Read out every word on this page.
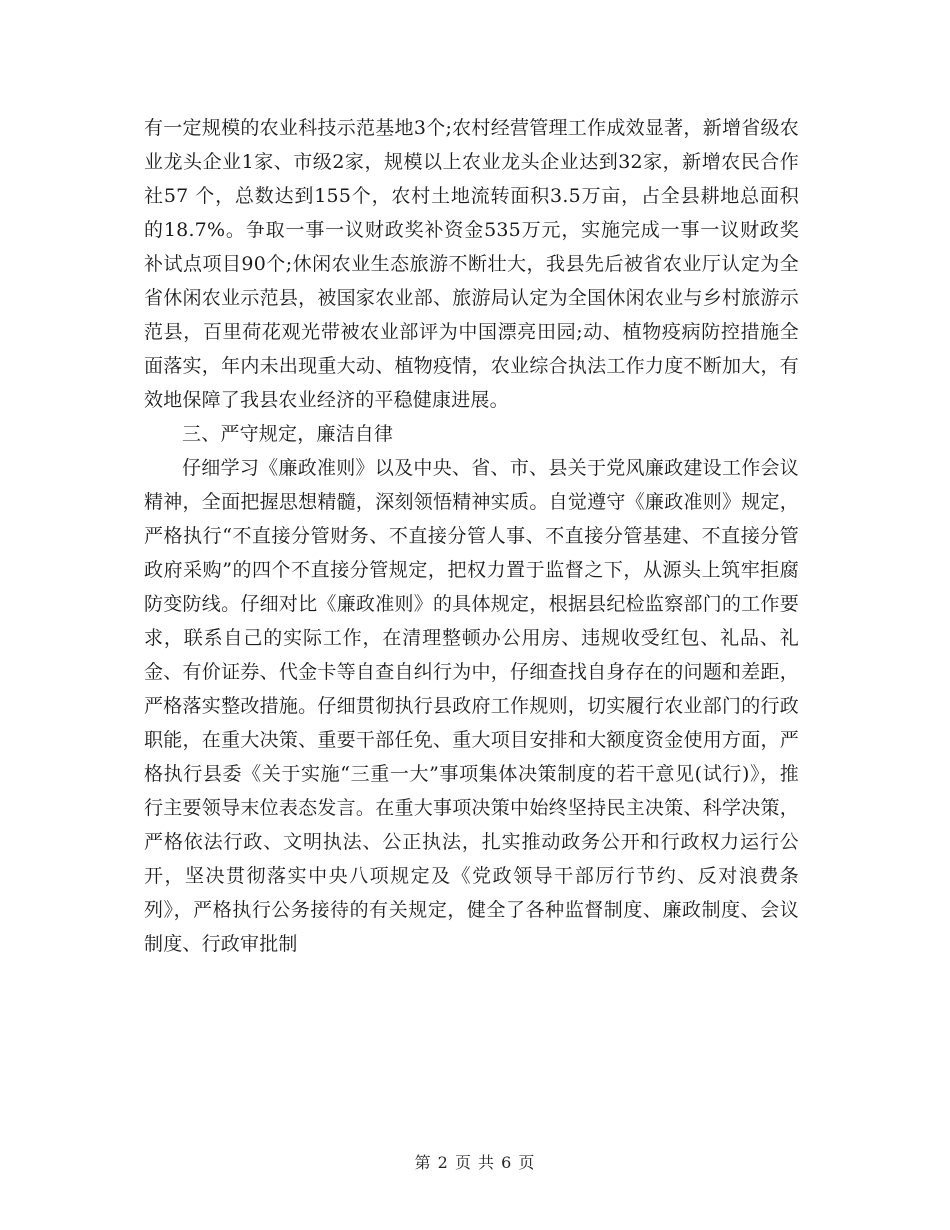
有一定规模的农业科技示范基地3个;农村经营管理工作成效显著，新增省级农业龙头企业1家、市级2家，规模以上农业龙头企业达到32家，新增农民合作社57 个，总数达到155个，农村土地流转面积3.5万亩，占全县耕地总面积的18.7%。争取一事一议财政奖补资金535万元，实施完成一事一议财政奖补试点项目90个;休闲农业生态旅游不断壮大，我县先后被省农业厅认定为全省休闲农业示范县，被国家农业部、旅游局认定为全国休闲农业与乡村旅游示范县，百里荷花观光带被农业部评为中国漂亮田园;动、植物疫病防控措施全面落实，年内未出现重大动、植物疫情，农业综合执法工作力度不断加大，有效地保障了我县农业经济的平稳健康进展。

三、严守规定，廉洁自律

仔细学习《廉政准则》以及中央、省、市、县关于党风廉政建设工作会议精神，全面把握思想精髓，深刻领悟精神实质。自觉遵守《廉政准则》规定，严格执行“不直接分管财务、不直接分管人事、不直接分管基建、不直接分管政府采购”的四个不直接分管规定，把权力置于监督之下，从源头上筑牢拒腐防变防线。仔细对比《廉政准则》的具体规定，根据县纪检监察部门的工作要求，联系自己的实际工作，在清理整顿办公用房、违规收受红包、礼品、礼金、有价证券、代金卡等自查自纠行为中，仔细查找自身存在的问题和差距，严格落实整改措施。仔细贯彻执行县政府工作规则，切实履行农业部门的行政职能，在重大决策、重要干部任免、重大项目安排和大额度资金使用方面，严格执行县委《关于实施“三重一大”事项集体决策制度的若干意见(试行)》，推行主要领导末位表态发言。在重大事项决策中始终坚持民主决策、科学决策，严格依法行政、文明执法、公正执法，扎实推动政务公开和行政权力运行公开，坚决贯彻落实中央八项规定及《党政领导干部厉行节约、反对浪费条列》，严格执行公务接待的有关规定，健全了各种监督制度、廉政制度、会议制度、行政审批制

第 2 页 共 6 页
